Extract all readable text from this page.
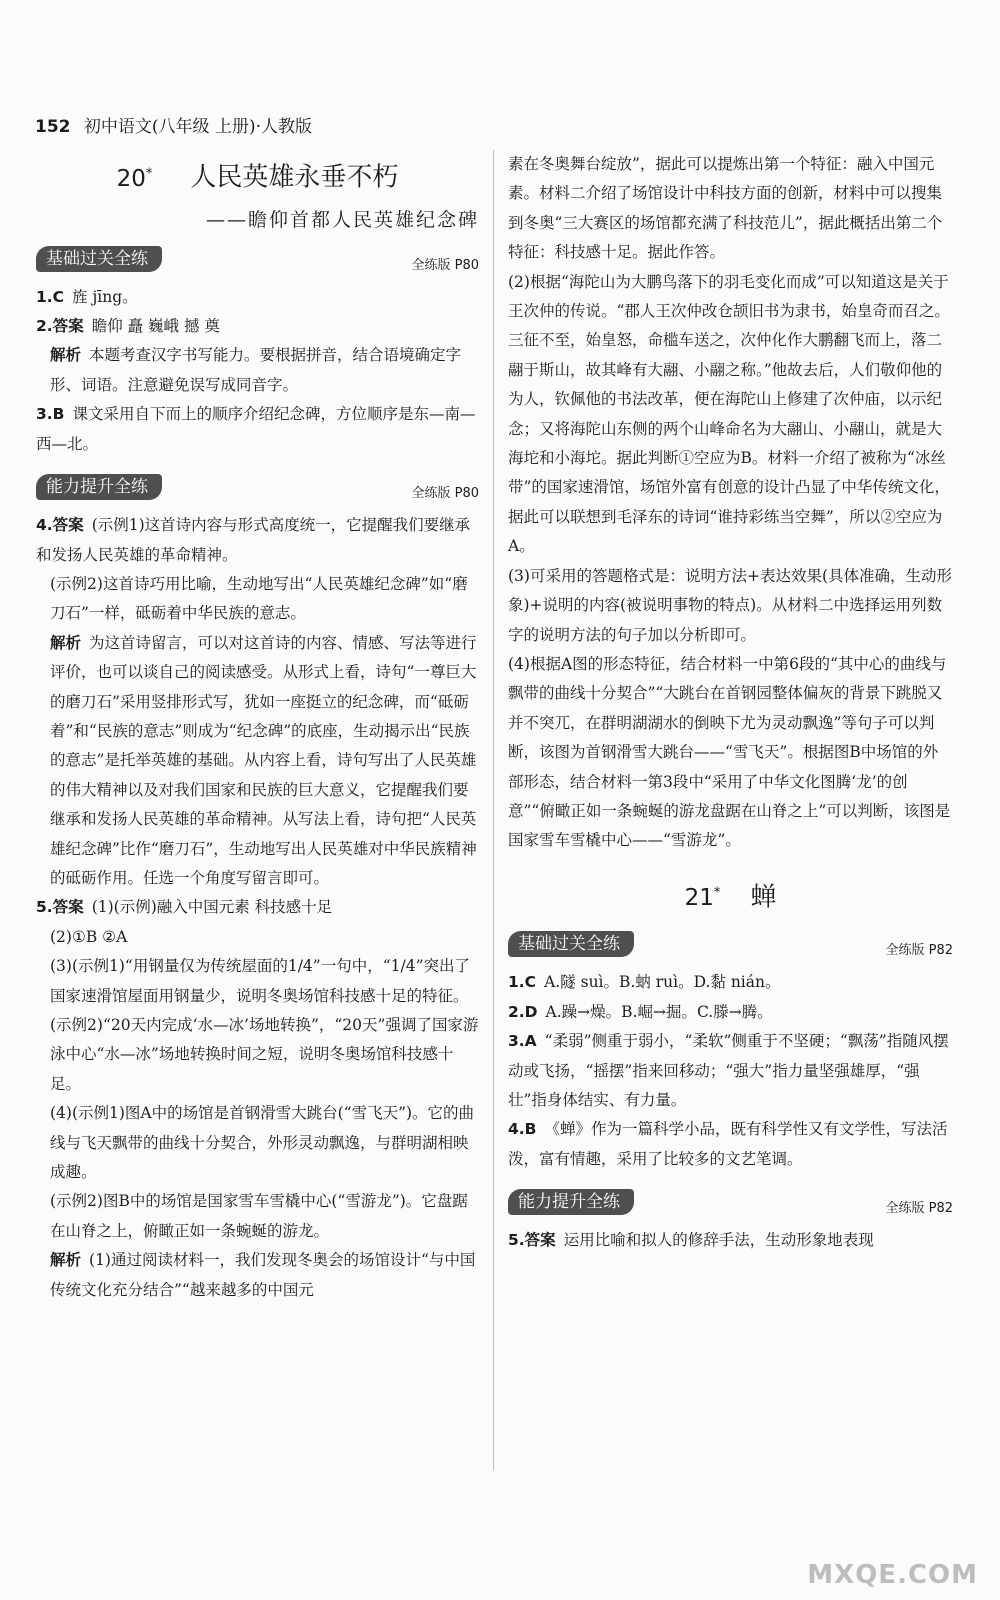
152 初中语文(八年级 上册)·人教版
20* 人民英雄永垂不朽
——瞻仰首都人民英雄纪念碑
基础过关全练	全练版 P80

1.C 旌 jīng。

2.答案 瞻仰 矗 巍峨 撼 奠

解析 本题考查汉字书写能力。要根据拼音，结合语境确定字形、词语。注意避免误写成同音字。

3.B 课文采用自下而上的顺序介绍纪念碑，方位顺序是东—南—西—北。

能力提升全练	全练版 P80

4.答案 (示例1)这首诗内容与形式高度统一，它提醒我们要继承和发扬人民英雄的革命精神。

(示例2)这首诗巧用比喻，生动地写出“人民英雄纪念碑”如“磨刀石”一样，砥砺着中华民族的意志。

解析 为这首诗留言，可以对这首诗的内容、情感、写法等进行评价，也可以谈自己的阅读感受。从形式上看，诗句“一尊巨大的磨刀石”采用竖排形式写，犹如一座挺立的纪念碑，而“砥砺着”和“民族的意志”则成为“纪念碑”的底座，生动揭示出“民族的意志”是托举英雄的基础。从内容上看，诗句写出了人民英雄的伟大精神以及对我们国家和民族的巨大意义，它提醒我们要继承和发扬人民英雄的革命精神。从写法上看，诗句把“人民英雄纪念碑”比作“磨刀石”，生动地写出人民英雄对中华民族精神的砥砺作用。任选一个角度写留言即可。

5.答案 (1)(示例)融入中国元素 科技感十足

(2)①B ②A

(3)(示例1)“用钢量仅为传统屋面的1/4”一句中，“1/4”突出了国家速滑馆屋面用钢量少，说明冬奥场馆科技感十足的特征。

(示例2)“20天内完成‘水—冰’场地转换”，“20天”强调了国家游泳中心“水—冰”场地转换时间之短，说明冬奥场馆科技感十足。

(4)(示例1)图A中的场馆是首钢滑雪大跳台(“雪飞天”)。它的曲线与飞天飘带的曲线十分契合，外形灵动飘逸，与群明湖相映成趣。

(示例2)图B中的场馆是国家雪车雪橇中心(“雪游龙”)。它盘踞在山脊之上，俯瞰正如一条蜿蜒的游龙。

解析 (1)通过阅读材料一，我们发现冬奥会的场馆设计“与中国传统文化充分结合”“越来越多的中国元

素在冬奥舞台绽放”，据此可以提炼出第一个特征：融入中国元素。材料二介绍了场馆设计中科技方面的创新，材料中可以搜集到冬奥“三大赛区的场馆都充满了科技范儿”，据此概括出第二个特征：科技感十足。据此作答。

(2)根据“海陀山为大鹏鸟落下的羽毛变化而成”可以知道这是关于王次仲的传说。“郡人王次仲改仓颉旧书为隶书，始皇奇而召之。三征不至，始皇怒，命槛车送之，次仲化作大鹏翻飞而上，落二翮于斯山，故其峰有大翮、小翮之称。”他故去后，人们敬仰他的为人，钦佩他的书法改革，便在海陀山上修建了次仲庙，以示纪念；又将海陀山东侧的两个山峰命名为大翮山、小翮山，就是大海坨和小海坨。据此判断①空应为B。材料一介绍了被称为“冰丝带”的国家速滑馆，场馆外富有创意的设计凸显了中华传统文化，据此可以联想到毛泽东的诗词“谁持彩练当空舞”，所以②空应为A。

(3)可采用的答题格式是：说明方法+表达效果(具体准确，生动形象)+说明的内容(被说明事物的特点)。从材料二中选择运用列数字的说明方法的句子加以分析即可。

(4)根据A图的形态特征，结合材料一中第6段的“其中心的曲线与飘带的曲线十分契合”“大跳台在首钢园整体偏灰的背景下跳脱又并不突兀，在群明湖湖水的倒映下尤为灵动飘逸”等句子可以判断，该图为首钢滑雪大跳台——“雪飞天”。根据图B中场馆的外部形态，结合材料一第3段中“采用了中华文化图腾‘龙’的创意”“俯瞰正如一条蜿蜒的游龙盘踞在山脊之上”可以判断，该图是国家雪车雪橇中心——“雪游龙”。

21* 蝉
基础过关全练	全练版 P82

1.C A.隧 suì。B.蚋 ruì。D.黏 nián。

2.D A.躁→燥。B.崛→掘。C.滕→腾。

3.A “柔弱”侧重于弱小，“柔软”侧重于不坚硬；“飘荡”指随风摆动或飞扬，“摇摆”指来回移动；“强大”指力量坚强雄厚，“强壮”指身体结实、有力量。

4.B 《蝉》作为一篇科学小品，既有科学性又有文学性，写法活泼，富有情趣，采用了比较多的文艺笔调。

能力提升全练	全练版 P82

5.答案 运用比喻和拟人的修辞手法，生动形象地表现

MXQE.COM
